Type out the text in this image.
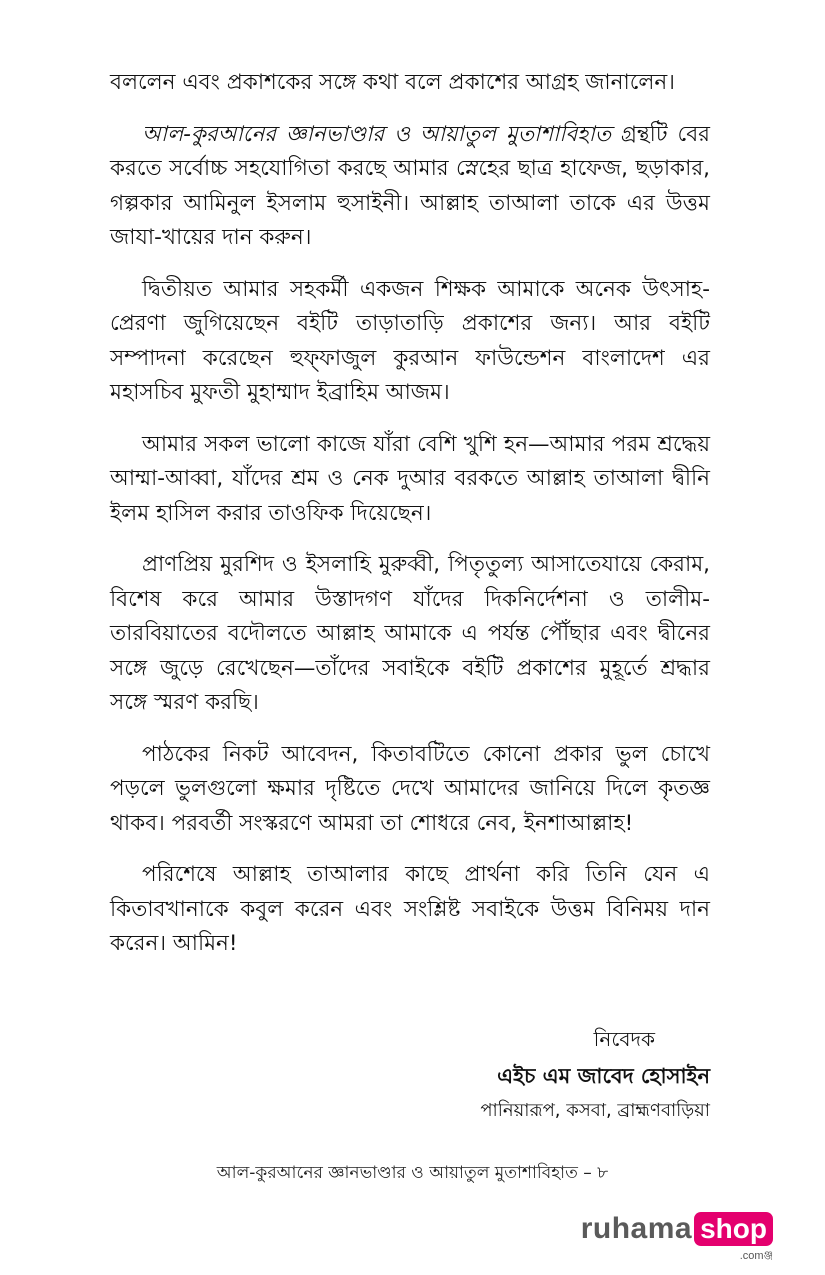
বললেন এবং প্রকাশকের সঙ্গে কথা বলে প্রকাশের আগ্রহ জানালেন।

আল-কুরআনের জ্ঞানভাণ্ডার ও আয়াতুল মুতাশাবিহাত গ্রন্থটি বের করতে সর্বোচ্চ সহযোগিতা করছে আমার স্নেহের ছাত্র হাফেজ, ছড়াকার, গল্পকার আমিনুল ইসলাম হুসাইনী। আল্লাহ তাআলা তাকে এর উত্তম জাযা-খায়ের দান করুন।

দ্বিতীয়ত আমার সহকর্মী একজন শিক্ষক আমাকে অনেক উৎসাহ-প্রেরণা জুগিয়েছেন বইটি তাড়াতাড়ি প্রকাশের জন্য। আর বইটি সম্পাদনা করেছেন হুফ্‌ফাজুল কুরআন ফাউন্ডেশন বাংলাদেশ এর মহাসচিব মুফতী মুহাম্মাদ ইব্রাহিম আজম।

আমার সকল ভালো কাজে যাঁরা বেশি খুশি হন—আমার পরম শ্রদ্ধেয় আম্মা-আব্বা, যাঁদের শ্রম ও নেক দুআর বরকতে আল্লাহ তাআলা দ্বীনি ইলম হাসিল করার তাওফিক দিয়েছেন।

প্রাণপ্রিয় মুরশিদ ও ইসলাহি মুরুব্বী, পিতৃতুল্য আসাতেযায়ে কেরাম, বিশেষ করে আমার উস্তাদগণ যাঁদের দিকনির্দেশনা ও তালীম-তারবিয়াতের বদৌলতে আল্লাহ আমাকে এ পর্যন্ত পৌঁছার এবং দ্বীনের সঙ্গে জুড়ে রেখেছেন—তাঁদের সবাইকে বইটি প্রকাশের মুহূর্তে শ্রদ্ধার সঙ্গে স্মরণ করছি।

পাঠকের নিকট আবেদন, কিতাবটিতে কোনো প্রকার ভুল চোখে পড়লে ভুলগুলো ক্ষমার দৃষ্টিতে দেখে আমাদের জানিয়ে দিলে কৃতজ্ঞ থাকব। পরবর্তী সংস্করণে আমরা তা শোধরে নেব, ইনশাআল্লাহ!

পরিশেষে আল্লাহ তাআলার কাছে প্রার্থনা করি তিনি যেন এ কিতাবখানাকে কবুল করেন এবং সংশ্লিষ্ট সবাইকে উত্তম বিনিময় দান করেন। আমিন!

নিবেদক
এইচ এম জাবেদ হোসাইন
পানিয়ারূপ, কসবা, ব্রাহ্মণবাড়িয়া
আল-কুরআনের জ্ঞানভাণ্ডার ও আয়াতুল মুতাশাবিহাত – ৮
ruhama shop
.comঞ্জ
